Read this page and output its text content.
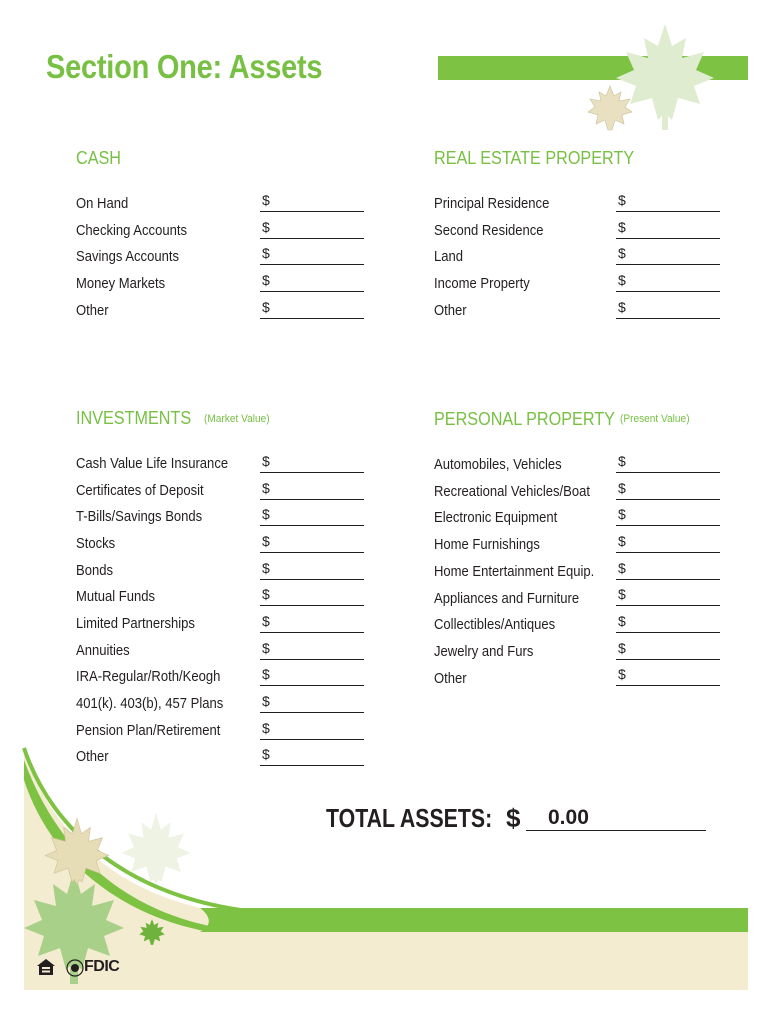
Section One: Assets
CASH
On Hand	$
Checking Accounts	$
Savings Accounts	$
Money Markets	$
Other	$
REAL ESTATE PROPERTY
Principal Residence	$
Second Residence	$
Land	$
Income Property	$
Other	$
INVESTMENTS (Market Value)
Cash Value Life Insurance $
Certificates of Deposit	$
T-Bills/Savings Bonds	$
Stocks	$
Bonds	$
Mutual Funds	$
Limited Partnerships	$
Annuities	$
IRA-Regular/Roth/Keogh	$
401(k). 403(b), 457 Plans	$
Pension Plan/Retirement	$
Other	$
PERSONAL PROPERTY (Present Value)
Automobiles, Vehicles	$
Recreational Vehicles/Boat $
Electronic Equipment	$
Home Furnishings	$
Home Entertainment Equip. $
Appliances and Furniture	$
Collectibles/Antiques	$
Jewelry and Furs	$
Other	$
FDIC
TOTAL ASSETS: $ 0.00
